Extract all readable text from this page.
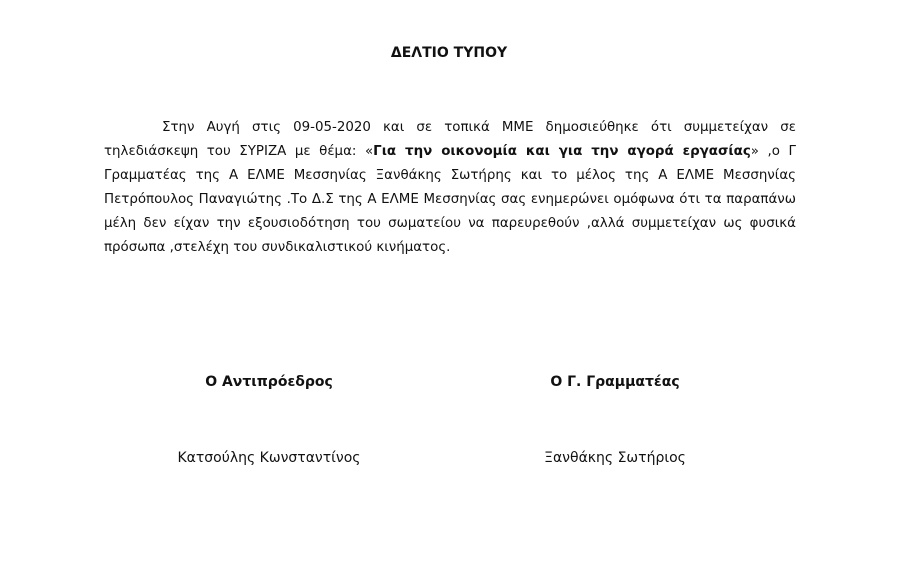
ΔΕΛΤΙΟ ΤΥΠΟΥ

Στην Αυγή στις 09-05-2020 και σε τοπικά ΜΜΕ δημοσιεύθηκε ότι συμμετείχαν σε τηλεδιάσκεψη του ΣΥΡΙΖΑ με θέμα: «Για την οικονομία και για την αγορά εργασίας» ,ο Γ Γραμματέας της Α ΕΛΜΕ Μεσσηνίας Ξανθάκης Σωτήρης και το μέλος της Α ΕΛΜΕ Μεσσηνίας Πετρόπουλος Παναγιώτης .Το Δ.Σ της Α ΕΛΜΕ Μεσσηνίας σας ενημερώνει ομόφωνα ότι τα παραπάνω μέλη δεν είχαν την εξουσιοδότηση του σωματείου να παρευρεθούν ,αλλά συμμετείχαν ως φυσικά πρόσωπα ,στελέχη του συνδικαλιστικού κινήματος.

Ο Αντιπρόεδρος	Ο Γ. Γραμματέας
Κατσούλης Κωνσταντίνος	Ξανθάκης Σωτήριος
